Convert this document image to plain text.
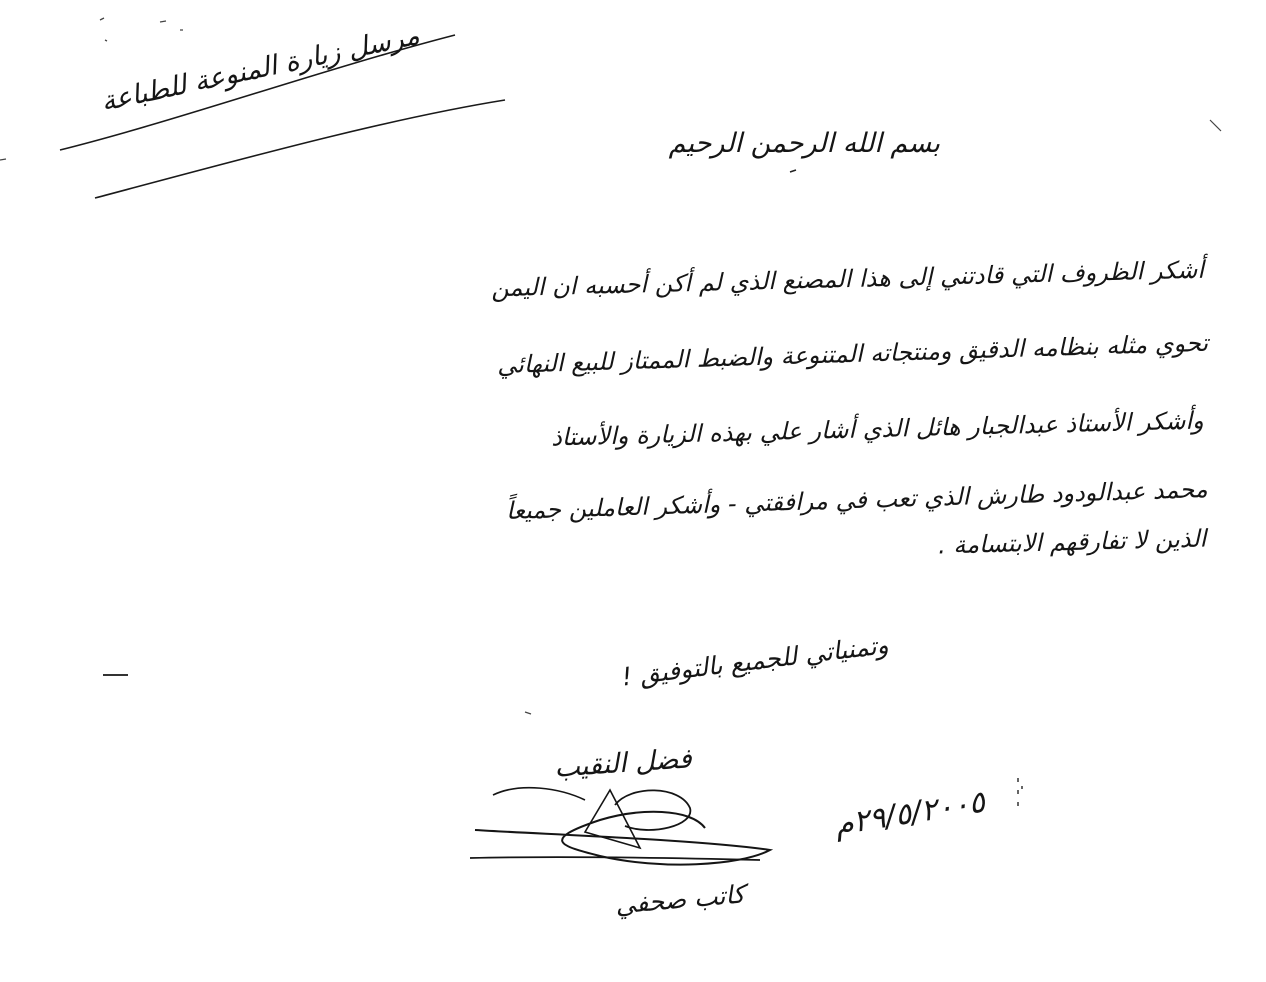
مرسل زيارة المنوعة للطباعة
بسم الله الرحمن الرحيم
أشكر الظروف التي قادتني إلى هذا المصنع الذي لم أكن أحسبه ان اليمن
تحوي مثله بنظامه الدقيق ومنتجاته المتنوعة والضبط الممتاز للبيع النهائي
وأشكر الأستاذ عبدالجبار هائل الذي أشار علي بهذه الزيارة والأستاذ
محمد عبدالودود طارش الذي تعب في مرافقتي - وأشكر العاملين جميعاً
الذين لا تفارقهم الابتسامة .
وتمنياتي للجميع بالتوفيق !
فضل النقيب
٢٩/٥/٢٠٠٥م
كاتب صحفي
